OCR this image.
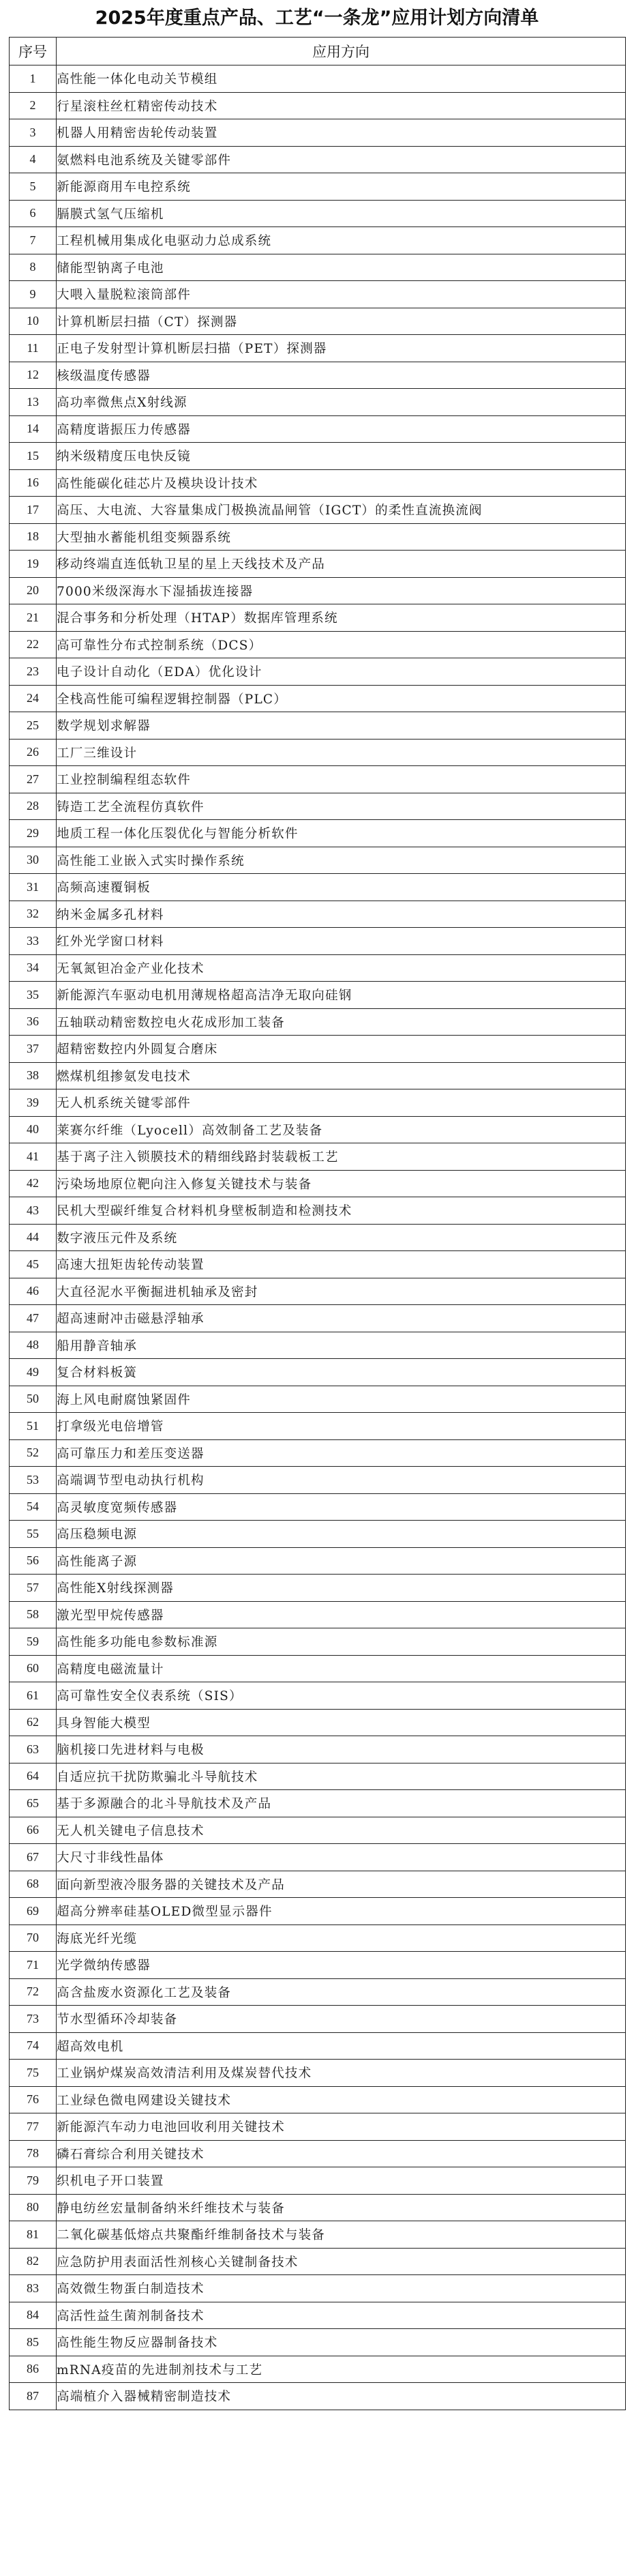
2025年度重点产品、工艺“一条龙”应用计划方向清单
序号	应用方向
1	高性能一体化电动关节模组
2	行星滚柱丝杠精密传动技术
3	机器人用精密齿轮传动装置
4	氨燃料电池系统及关键零部件
5	新能源商用车电控系统
6	膈膜式氢气压缩机
7	工程机械用集成化电驱动力总成系统
8	储能型钠离子电池
9	大喂入量脱粒滚筒部件
10	计算机断层扫描（CT）探测器
11	正电子发射型计算机断层扫描（PET）探测器
12	核级温度传感器
13	高功率微焦点X射线源
14	高精度谐振压力传感器
15	纳米级精度压电快反镜
16	高性能碳化硅芯片及模块设计技术
17	高压、大电流、大容量集成门极换流晶闸管（IGCT）的柔性直流换流阀
18	大型抽水蓄能机组变频器系统
19	移动终端直连低轨卫星的星上天线技术及产品
20	7000米级深海水下湿插拔连接器
21	混合事务和分析处理（HTAP）数据库管理系统
22	高可靠性分布式控制系统（DCS）
23	电子设计自动化（EDA）优化设计
24	全栈高性能可编程逻辑控制器（PLC）
25	数学规划求解器
26	工厂三维设计
27	工业控制编程组态软件
28	铸造工艺全流程仿真软件
29	地质工程一体化压裂优化与智能分析软件
30	高性能工业嵌入式实时操作系统
31	高频高速覆铜板
32	纳米金属多孔材料
33	红外光学窗口材料
34	无氧氮钽冶金产业化技术
35	新能源汽车驱动电机用薄规格超高洁净无取向硅钢
36	五轴联动精密数控电火花成形加工装备
37	超精密数控内外圆复合磨床
38	燃煤机组掺氨发电技术
39	无人机系统关键零部件
40	莱赛尔纤维（Lyocell）高效制备工艺及装备
41	基于离子注入锁膜技术的精细线路封装载板工艺
42	污染场地原位靶向注入修复关键技术与装备
43	民机大型碳纤维复合材料机身壁板制造和检测技术
44	数字液压元件及系统
45	高速大扭矩齿轮传动装置
46	大直径泥水平衡掘进机轴承及密封
47	超高速耐冲击磁悬浮轴承
48	船用静音轴承
49	复合材料板簧
50	海上风电耐腐蚀紧固件
51	打拿级光电倍增管
52	高可靠压力和差压变送器
53	高端调节型电动执行机构
54	高灵敏度宽频传感器
55	高压稳频电源
56	高性能离子源
57	高性能X射线探测器
58	激光型甲烷传感器
59	高性能多功能电参数标准源
60	高精度电磁流量计
61	高可靠性安全仪表系统（SIS）
62	具身智能大模型
63	脑机接口先进材料与电极
64	自适应抗干扰防欺骗北斗导航技术
65	基于多源融合的北斗导航技术及产品
66	无人机关键电子信息技术
67	大尺寸非线性晶体
68	面向新型液冷服务器的关键技术及产品
69	超高分辨率硅基OLED微型显示器件
70	海底光纤光缆
71	光学微纳传感器
72	高含盐废水资源化工艺及装备
73	节水型循环冷却装备
74	超高效电机
75	工业锅炉煤炭高效清洁利用及煤炭替代技术
76	工业绿色微电网建设关键技术
77	新能源汽车动力电池回收利用关键技术
78	磷石膏综合利用关键技术
79	织机电子开口装置
80	静电纺丝宏量制备纳米纤维技术与装备
81	二氧化碳基低熔点共聚酯纤维制备技术与装备
82	应急防护用表面活性剂核心关键制备技术
83	高效微生物蛋白制造技术
84	高活性益生菌剂制备技术
85	高性能生物反应器制备技术
86	mRNA疫苗的先进制剂技术与工艺
87	高端植介入器械精密制造技术
